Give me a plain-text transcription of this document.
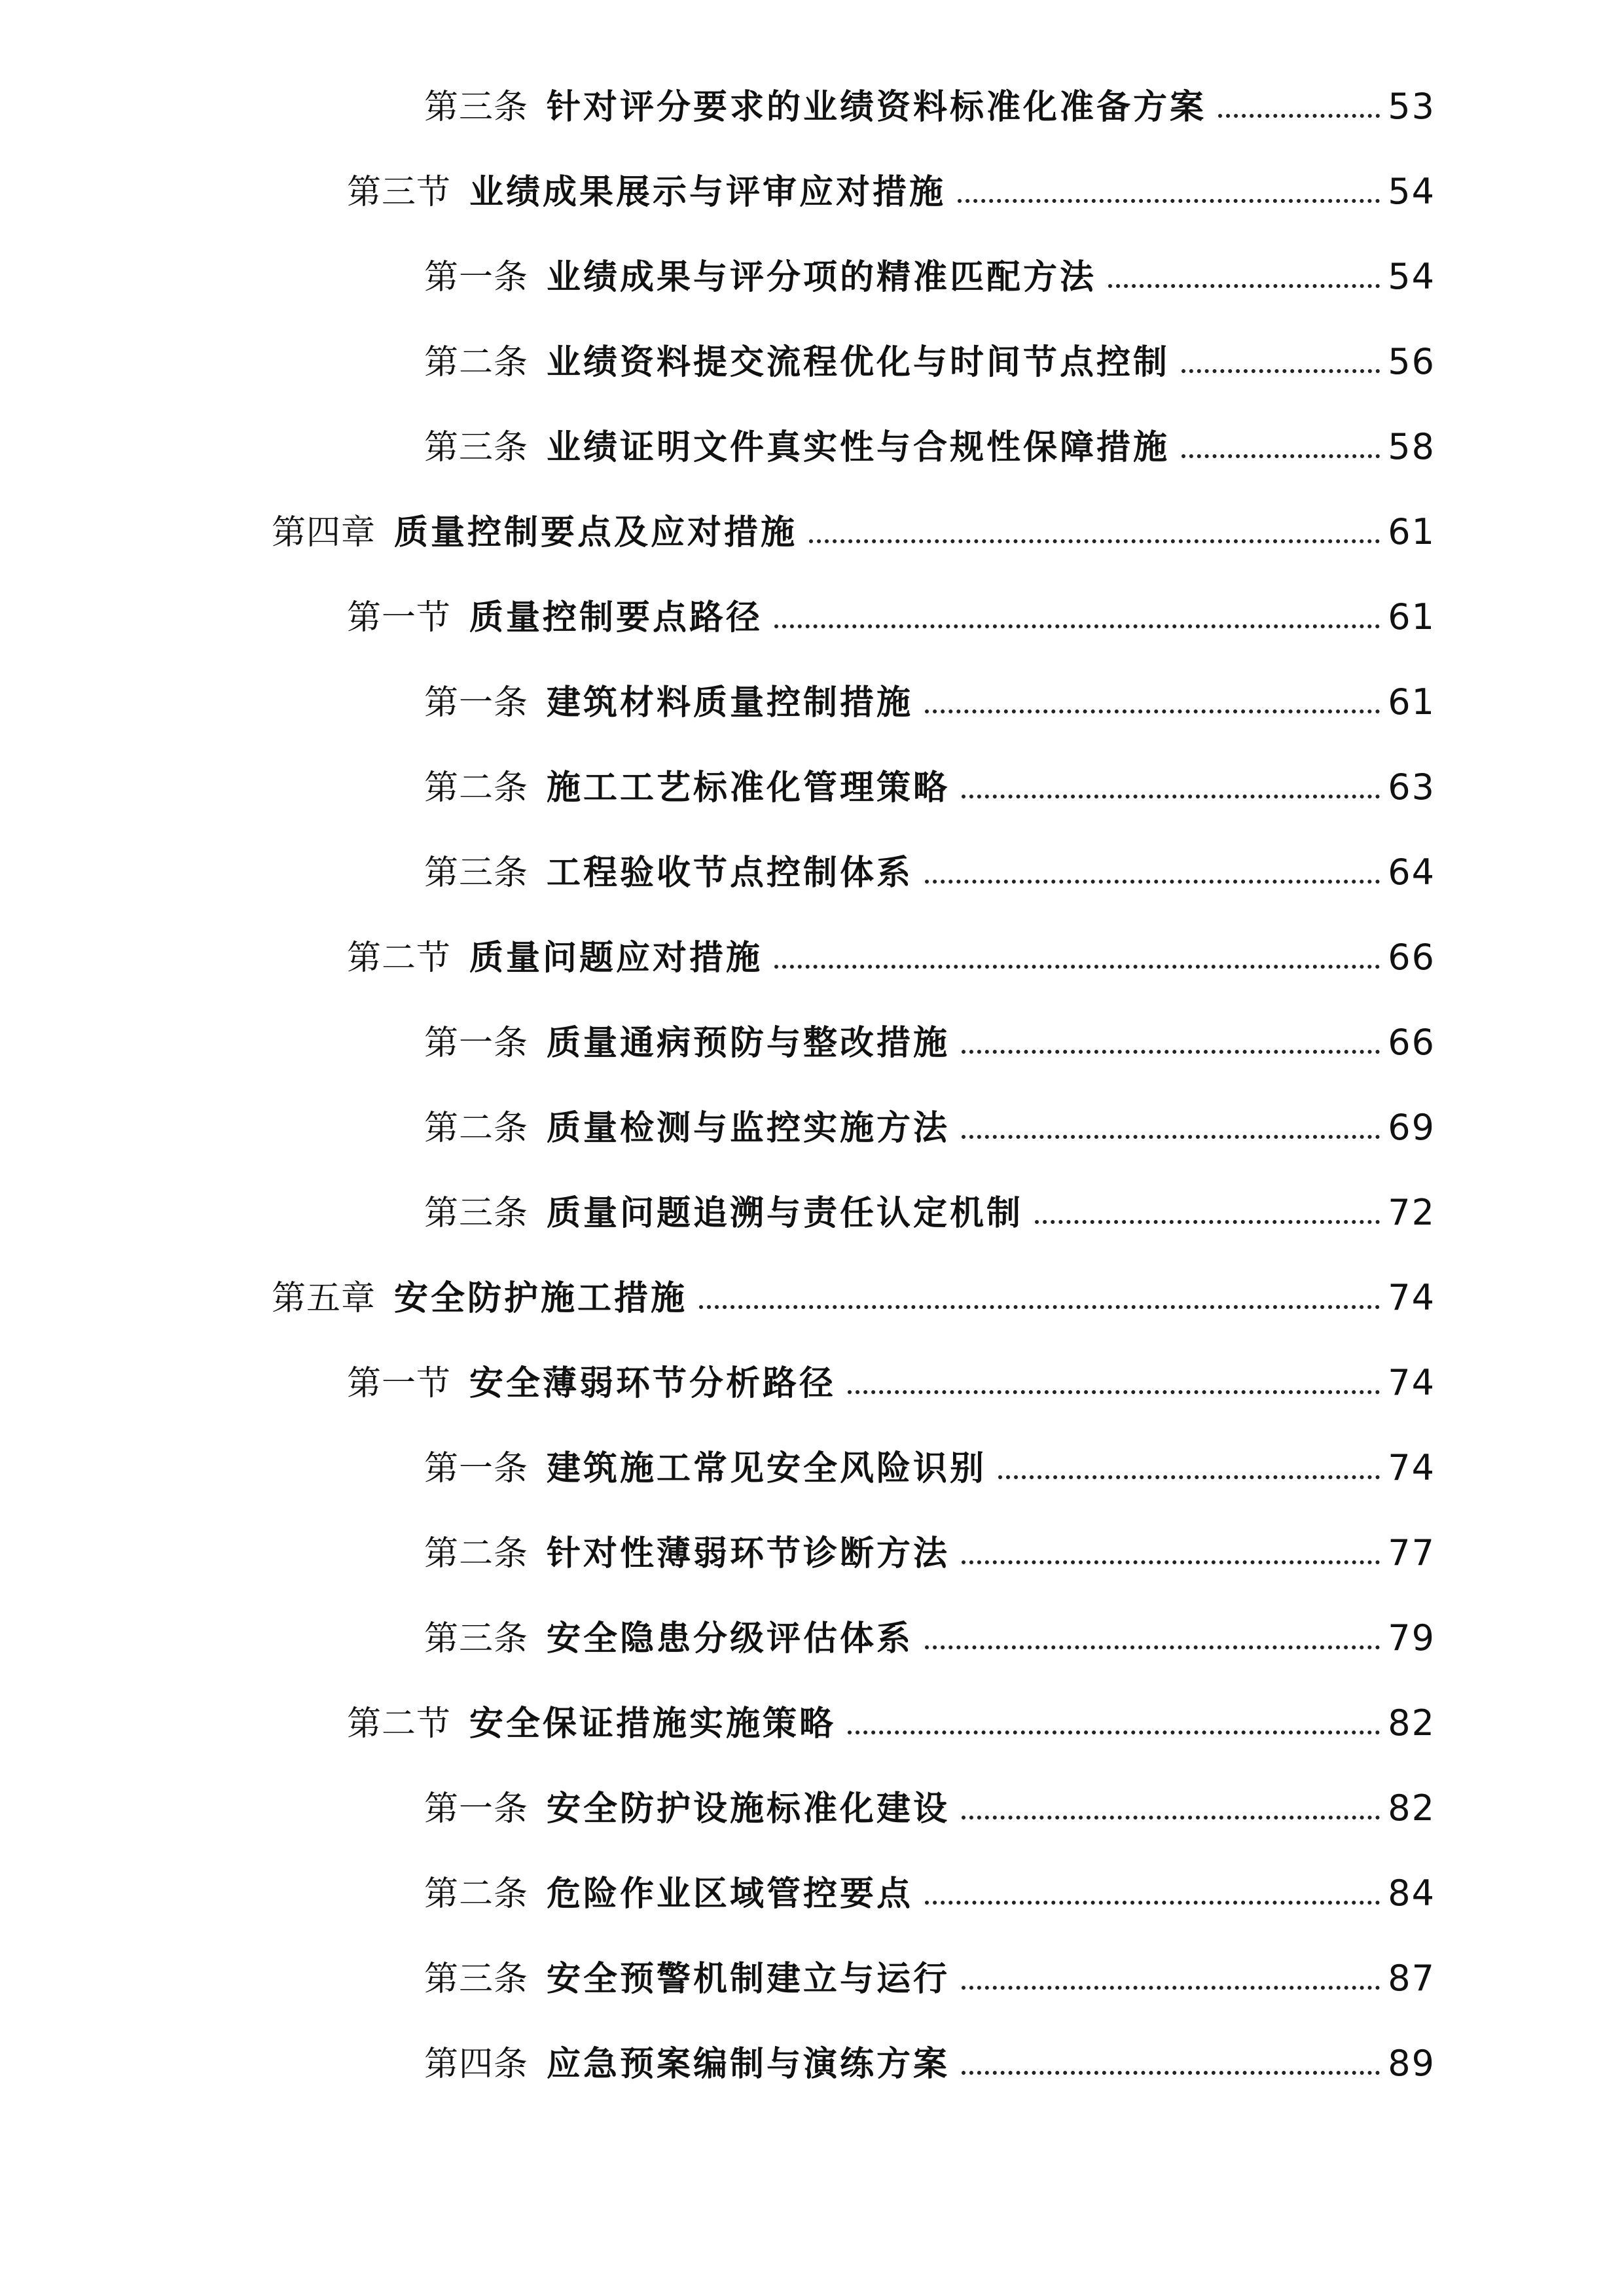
第三条 针对评分要求的业绩资料标准化准备方案	53
第三节 业绩成果展示与评审应对措施	54
第一条 业绩成果与评分项的精准匹配方法	54
第二条 业绩资料提交流程优化与时间节点控制	56
第三条 业绩证明文件真实性与合规性保障措施	58
第四章 质量控制要点及应对措施	61
第一节 质量控制要点路径	61
第一条 建筑材料质量控制措施	61
第二条 施工工艺标准化管理策略	63
第三条 工程验收节点控制体系	64
第二节 质量问题应对措施	66
第一条 质量通病预防与整改措施	66
第二条 质量检测与监控实施方法	69
第三条 质量问题追溯与责任认定机制	72
第五章 安全防护施工措施	74
第一节 安全薄弱环节分析路径	74
第一条 建筑施工常见安全风险识别	74
第二条 针对性薄弱环节诊断方法	77
第三条 安全隐患分级评估体系	79
第二节 安全保证措施实施策略	82
第一条 安全防护设施标准化建设	82
第二条 危险作业区域管控要点	84
第三条 安全预警机制建立与运行	87
第四条 应急预案编制与演练方案	89
